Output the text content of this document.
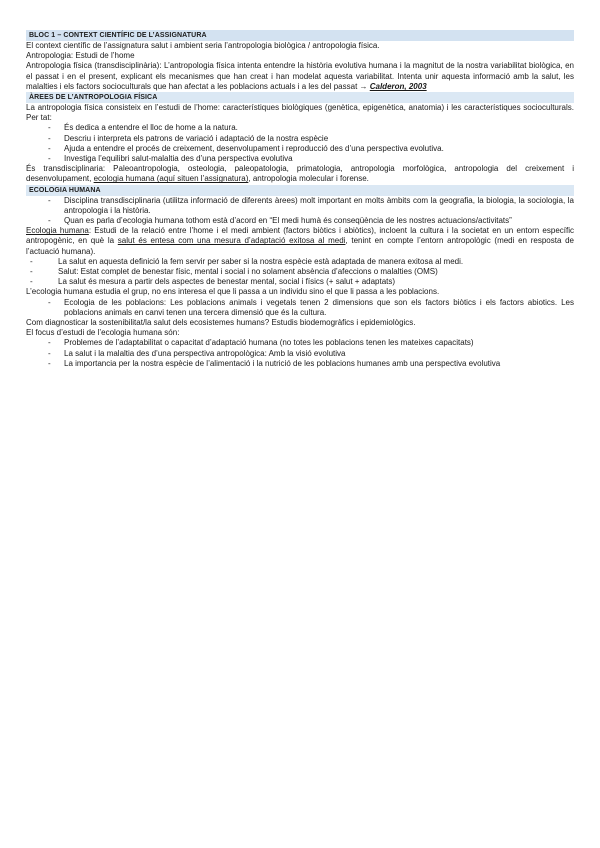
BLOC 1 – CONTEXT CIENTÍFIC DE L’ASSIGNATURA

El context científic de l’assignatura salut i ambient seria l’antropologia biològica / antropologia física.

Antropologia: Estudi de l’home

Antropologia física (transdisciplinària): L’antropologia física intenta entendre la història evolutiva humana i la magnitut de la nostra variabilitat biològica, en el passat i en el present, explicant els mecanismes que han creat i han modelat aquesta variabilitat. Intenta unir aquesta informació amb la salut, les malalties i els factors socioculturals que han afectat a les poblacions actuals i a les del passat → Calderon, 2003

ÀREES DE L’ANTROPOLOGIA FÍSICA

La antropologia física consisteix en l’estudi de l’home: característiques biològiques (genètica, epigenètica, anatomia) i les característiques socioculturals. Per tat:

- És dedica a entendre el lloc de home a la natura.
- Descriu i interpreta els patrons de variació i adaptació de la nostra espècie
- Ajuda a entendre el procés de creixement, desenvolupament i reproducció des d’una perspectiva evolutiva.
- Investiga l’equilibri salut-malaltia des d’una perspectiva evolutiva

És transdisciplinaria: Paleoantropologia, osteologia, paleopatologia, primatologia, antropologia morfològica, antropologia del creixement i desenvolupament, ecologia humana (aquí situen l’assignatura), antropologia molecular i forense.

ECOLOGIA HUMANA
- Disciplina transdisciplinaria (utilitza informació de diferents àrees) molt important en molts àmbits com la geografia, la biologia, la sociologia, la antropologia i la història.
- Quan es parla d’ecologia humana tothom està d’acord en “El medi humà és conseqüència de les nostres actuacions/activitats”

Ecologia humana: Estudi de la relació entre l’home i el medi ambient (factors biòtics i abiòtics), incloent la cultura i la societat en un entorn específic antropogènic, en què la salut és entesa com una mesura d’adaptació exitosa al medi, tenint en compte l’entorn antropològic (medi en resposta de l’actuació humana).

- La salut en aquesta definició la fem servir per saber si la nostra espècie està adaptada de manera exitosa al medi.
- Salut: Estat complet de benestar físic, mental i social i no solament absència d’afeccions o malalties (OMS)
- La salut és mesura a partir dels aspectes de benestar mental, social i físics (+ salut + adaptats)

L’ecologia humana estudia el grup, no ens interesa el que li passa a un individu sino el que li passa a les poblacions.

- Ecologia de les poblacions: Les poblacions animals i vegetals tenen 2 dimensions que son els factors biòtics i els factors abiotics. Les poblacions animals en canvi tenen una tercera dimensió que és la cultura.

Com diagnosticar la sostenibilitat/la salut dels ecosistemes humans? Estudis biodemogràfics i epidemiològics.

El focus d’estudi de l’ecologia humana són:

- Problemes de l’adaptabilitat o capacitat d’adaptació humana (no totes les poblacions tenen les mateixes capacitats)
- La salut i la malaltia des d’una perspectiva antropològica: Amb la visió evolutiva
- La importancia per la nostra espècie de l’alimentació i la nutrició de les poblacions humanes amb una perspectiva evolutiva
